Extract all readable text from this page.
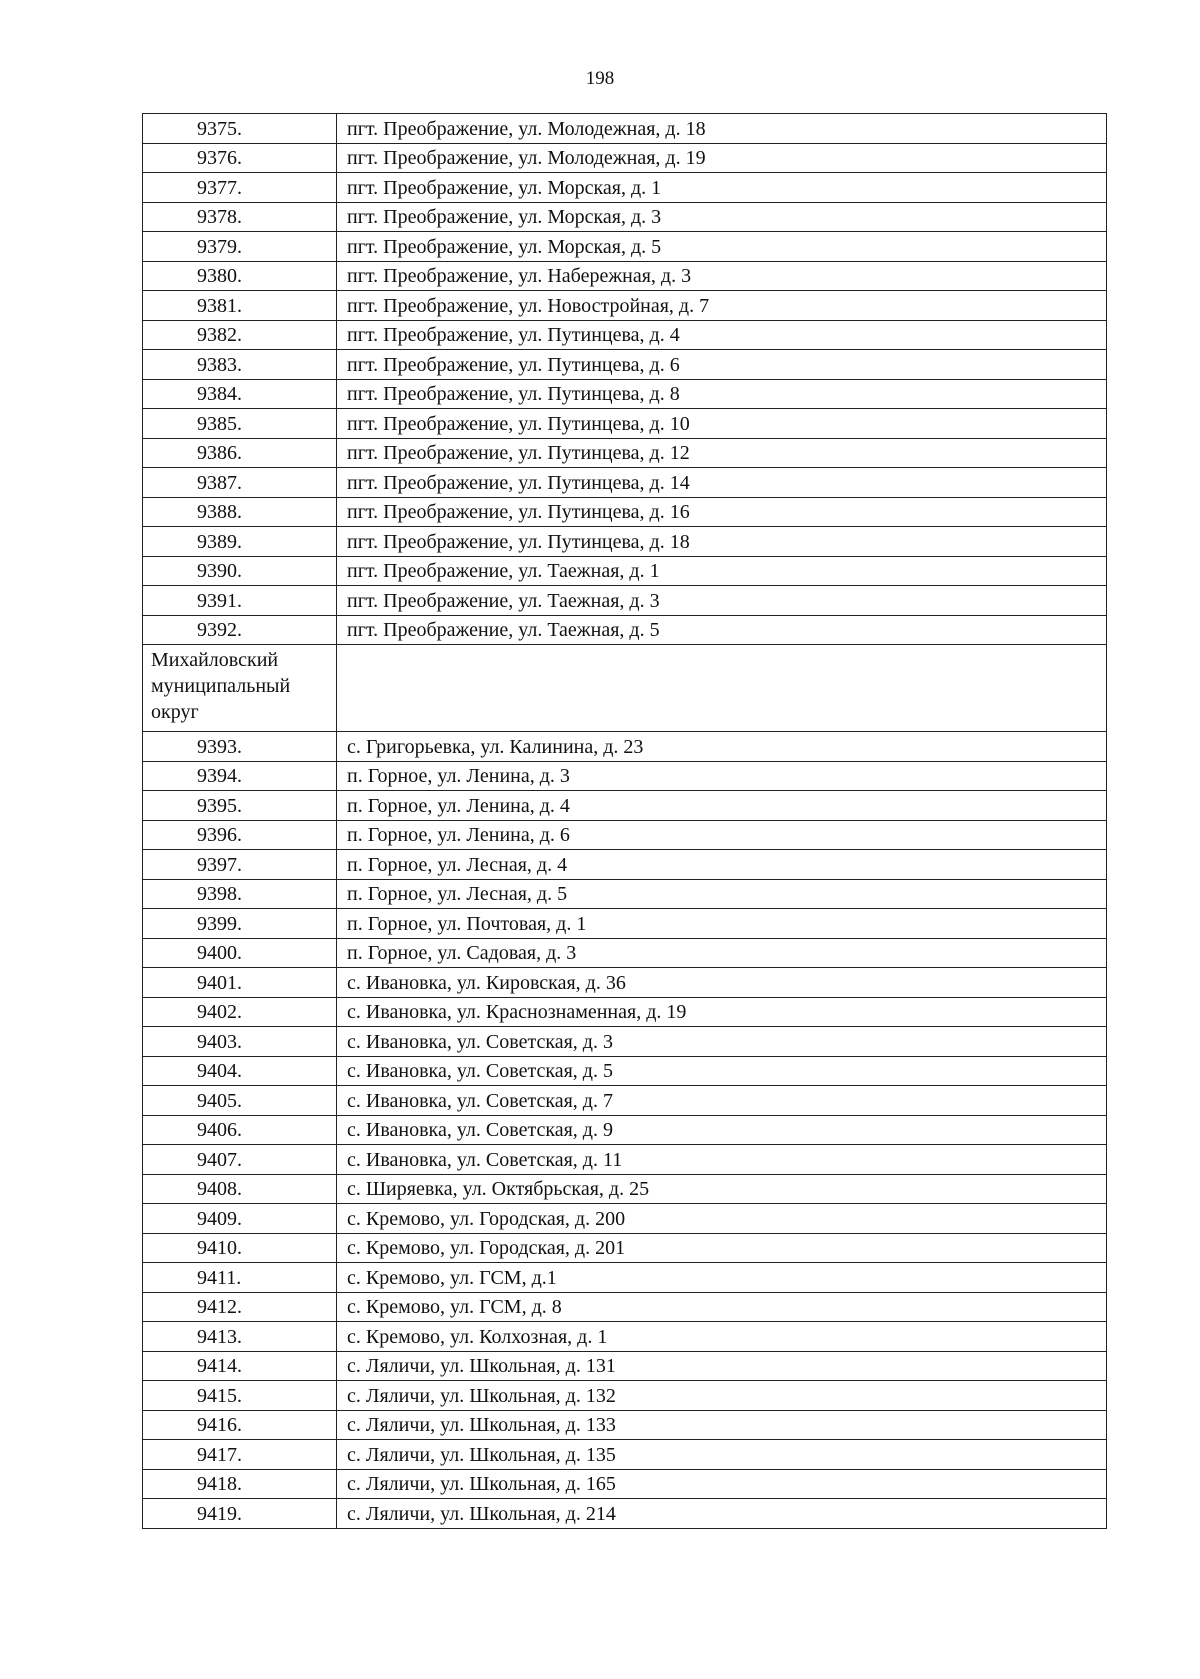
198
9375.	пгт. Преображение, ул. Молодежная, д. 18
9376.	пгт. Преображение, ул. Молодежная, д. 19
9377.	пгт. Преображение, ул. Морская, д. 1
9378.	пгт. Преображение, ул. Морская, д. 3
9379.	пгт. Преображение, ул. Морская, д. 5
9380.	пгт. Преображение, ул. Набережная, д. 3
9381.	пгт. Преображение, ул. Новостройная, д. 7
9382.	пгт. Преображение, ул. Путинцева, д. 4
9383.	пгт. Преображение, ул. Путинцева, д. 6
9384.	пгт. Преображение, ул. Путинцева, д. 8
9385.	пгт. Преображение, ул. Путинцева, д. 10
9386.	пгт. Преображение, ул. Путинцева, д. 12
9387.	пгт. Преображение, ул. Путинцева, д. 14
9388.	пгт. Преображение, ул. Путинцева, д. 16
9389.	пгт. Преображение, ул. Путинцева, д. 18
9390.	пгт. Преображение, ул. Таежная, д. 1
9391.	пгт. Преображение, ул. Таежная, д. 3
9392.	пгт. Преображение, ул. Таежная, д. 5

Михайловский
муниципальный
округ	

9393.	с. Григорьевка, ул. Калинина, д. 23
9394.	п. Горное, ул. Ленина, д. 3
9395.	п. Горное, ул. Ленина, д. 4
9396.	п. Горное, ул. Ленина, д. 6
9397.	п. Горное, ул. Лесная, д. 4
9398.	п. Горное, ул. Лесная, д. 5
9399.	п. Горное, ул. Почтовая, д. 1
9400.	п. Горное, ул. Садовая, д. 3
9401.	с. Ивановка, ул. Кировская, д. 36
9402.	с. Ивановка, ул. Краснознаменная, д. 19
9403.	с. Ивановка, ул. Советская, д. 3
9404.	с. Ивановка, ул. Советская, д. 5
9405.	с. Ивановка, ул. Советская, д. 7
9406.	с. Ивановка, ул. Советская, д. 9
9407.	с. Ивановка, ул. Советская, д. 11
9408.	с. Ширяевка, ул. Октябрьская, д. 25
9409.	с. Кремово, ул. Городская, д. 200
9410.	с. Кремово, ул. Городская, д. 201
9411.	с. Кремово, ул. ГСМ, д.1
9412.	с. Кремово, ул. ГСМ, д. 8
9413.	с. Кремово, ул. Колхозная, д. 1
9414.	с. Ляличи, ул. Школьная, д. 131
9415.	с. Ляличи, ул. Школьная, д. 132
9416.	с. Ляличи, ул. Школьная, д. 133
9417.	с. Ляличи, ул. Школьная, д. 135
9418.	с. Ляличи, ул. Школьная, д. 165
9419.	с. Ляличи, ул. Школьная, д. 214
